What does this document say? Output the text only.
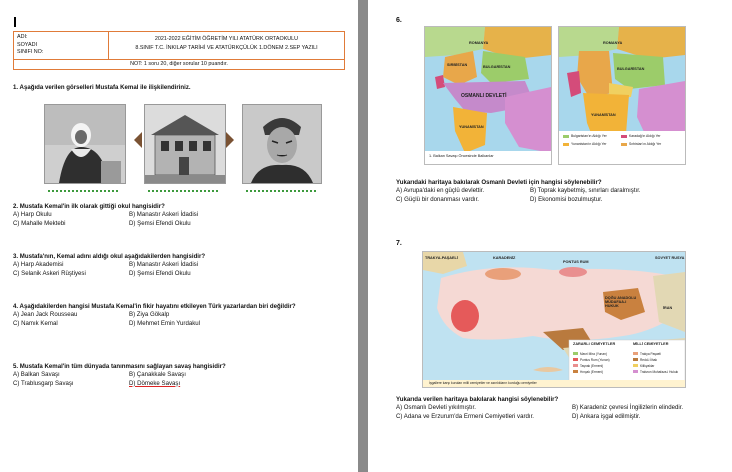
ADI:
SOYADI
SINIFI NO:
2021-2022 EĞİTİM ÖĞRETİM YILI ATATÜRK ORTAOKULU
8.SINIF T.C. İNKILAP TARİHİ VE ATATÜRKÇÜLÜK 1.DÖNEM 2.SEP YAZILI
NOT: 1 soru 20, diğer sorular 10 puandır.
1. Aşağıda verilen görselleri Mustafa Kemal ile ilişkilendiriniz.
2. Mustafa Kemal'in ilk olarak gittiği okul hangisidir?
A) Harp Okulu	B) Manastır Askeri İdadisi
C) Mahalle Mektebi	D) Şemsi Efendi Okulu
3. Mustafa'nın, Kemal adını aldığı okul aşağıdakilerden hangisidir?
A) Harp Akademisi	B) Manastır Askeri İdadisi
C) Selanik Askeri Rüştiyesi	D) Şemsi Efendi Okulu
4. Aşağıdakilerden hangisi Mustafa Kemal'in fikir hayatını etkileyen Türk yazarlardan biri değildir?
A) Jean Jack Rousseau	B) Ziya Gökalp
C) Namık Kemal	D) Mehmet Emin Yurdakul
5. Mustafa Kemal'in tüm dünyada tanınmasını sağlayan savaş hangisidir?
A) Balkan Savaşı	B) Çanakkale Savaşı
C) Trablusgarp Savaşı	D) Dömeke Savaşı
6.
ROMANYA
BULGARİSTAN
SIRBİSTAN
OSMANLI DEVLETİ
YUNANİSTAN
1. Balkan Savaşı Öncesinde Balkanlar
ROMANYA
BULGARİSTAN
YUNANİSTAN
Bulgaristan'ın Aldığı Yer
Yunanistan'ın Aldığı Yer
Karadağ'ın Aldığı Yer
Sırbistan'ın Aldığı Yer
Yukarıdaki haritaya bakılarak Osmanlı Devleti için hangisi söylenebilir?
A) Avrupa'daki en güçlü devlettir.	B) Toprak kaybetmiş, sınırları daralmıştır.
C) Güçlü bir donanması vardır.	D) Ekonomisi bozulmuştur.
7.
TRAKYA-PAŞAELİ	KARADENİZ
PONTUS RUM
SOVYET RUSYA
DOĞU ANADOLU MÜDAFAA-I HUKUK	İRAN
ZARARLI CEMİYETLER	MİLLİ CEMİYETLER
Mavri Mira (Yunan)
Pontus Rum (Yunan)
Taşnak (Ermeni)
Hınçak (Ermeni)
Trakya Paşaeli
Redd-i İlhak
Kilikyalılar
Trabzon Muhafaza-i Hukuk
İşgallere karşı kurulan milli cemiyetler ve azınlıkların kurduğu cemiyetler
Yukarıda verilen haritaya bakılarak hangisi söylenebilir?
A) Osmanlı Devleti yıkılmıştır.	B) Karadeniz çevresi İngilizlerin elindedir.
C) Adana ve Erzurum'da Ermeni Cemiyetleri vardır.	D) Ankara işgal edilmiştir.
